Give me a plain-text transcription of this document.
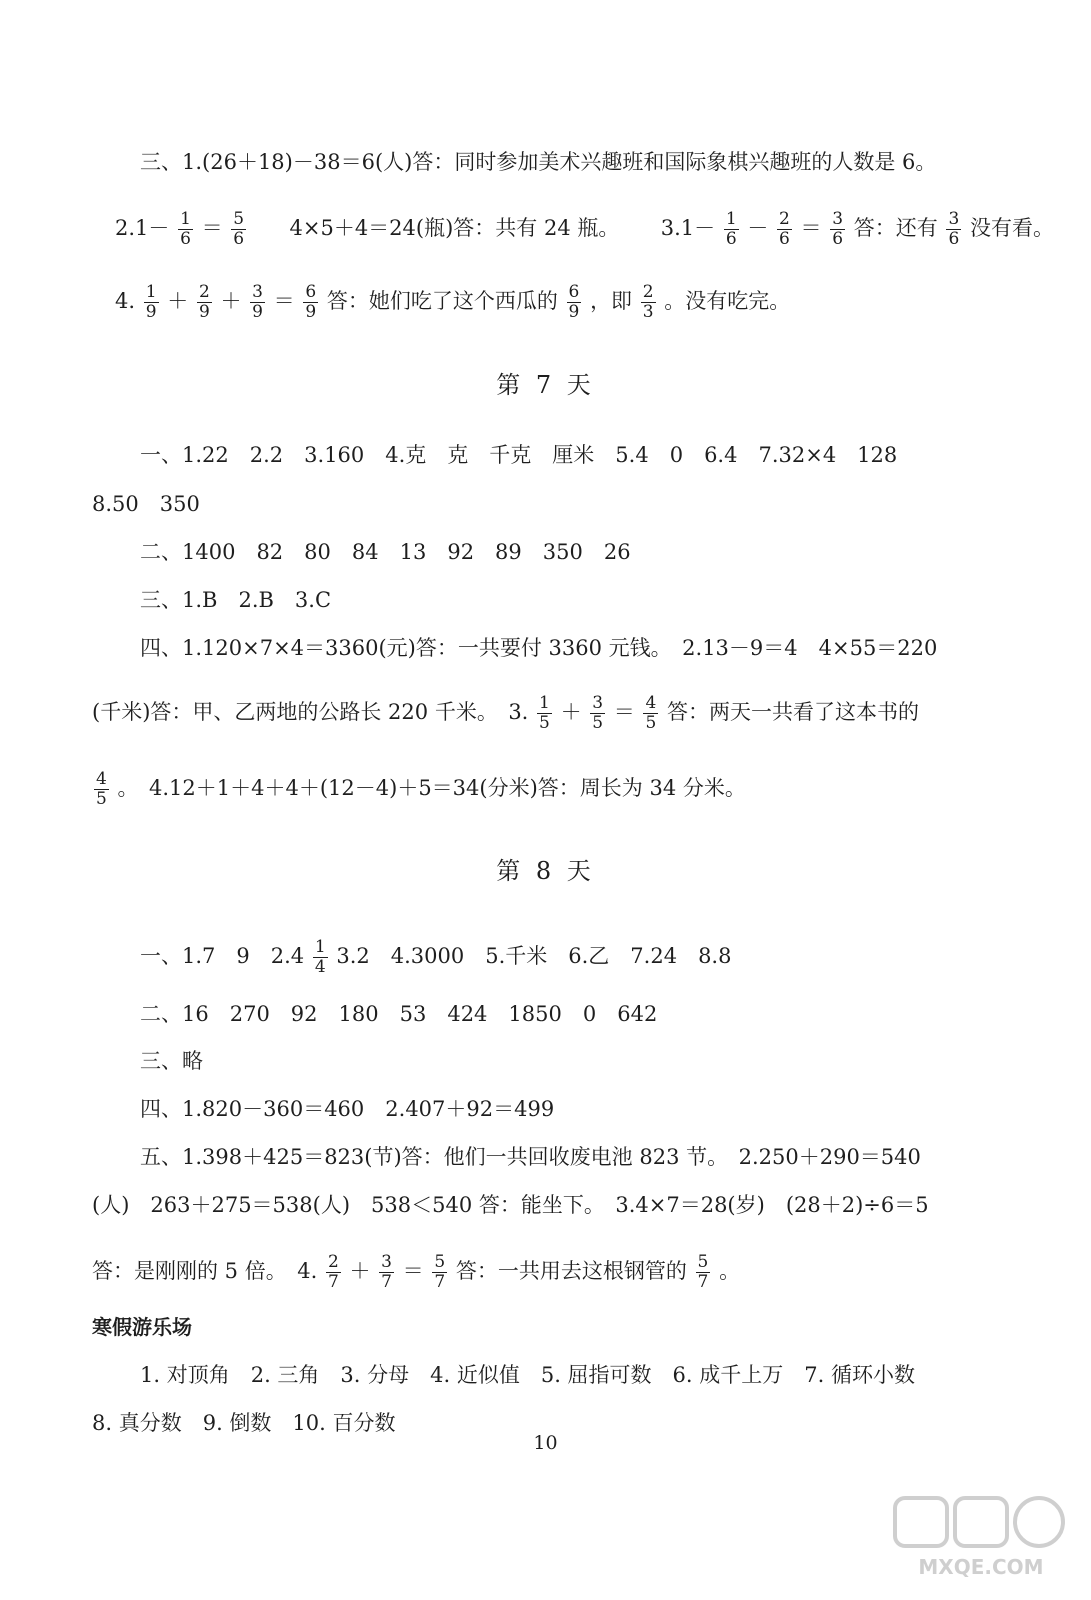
三、1.(26＋18)－38＝6(人)答：同时参加美术兴趣班和国际象棋兴趣班的人数是 6。
$2.1- \frac{1}{6} = \frac{5}{6} 4\times 5+4=24$(瓶)答：共有 24 瓶。 $3.1- \frac{1}{6} - \frac{2}{6} = \frac{3}{6}$ 答：还有 $\frac{3}{6}$ 没有看。
4. $\frac{1}{9} + \frac{2}{9} + \frac{3}{9} = \frac{6}{9}$ 答：她们吃了这个西瓜的 $\frac{6}{9}$ ，即 $\frac{2}{3}$ 。没有吃完。
第 7 天
一、1.22　2.2　3.160　4.克　克　千克　厘米　5.4　0　6.4　7.32×4　128
8.50　350
二、1400　82　80　84　13　92　89　350　26
三、1.B　2.B　3.C
四、1.120×7×4＝3360(元)答：一共要付 3360 元钱。　2.13－9＝4　4×55＝220
(千米)答：甲、乙两地的公路长 220 千米。　3. $\frac{1}{5} + \frac{3}{5} = \frac{4}{5}$ 答：两天一共看了这本书的
$\frac{4}{5}$ 。　4.12＋1＋4＋4＋(12－4)＋5＝34(分米)答：周长为 34 分米。
第 8 天
一、1.7　9　$2.4 \frac{1}{4} 3.2$　4.3000　5.千米　6.乙　7.24　8.8
二、16　270　92　180　53　424　1850　0　642
三、略
四、1.820－360＝460　2.407＋92＝499
五、1.398＋425＝823(节)答：他们一共回收废电池 823 节。　2.250＋290＝540
(人)　263＋275＝538(人)　538＜540 答：能坐下。　3.4×7＝28(岁)　(28＋2)÷6＝5
答：是刚刚的 5 倍。　4. $\frac{2}{7} + \frac{3}{7} = \frac{5}{7}$ 答：一共用去这根钢管的 $\frac{5}{7}$ 。
寒假游乐场
1. 对顶角　2. 三角　3. 分母　4. 近似值　5. 屈指可数　6. 成千上万　7. 循环小数
8. 真分数　9. 倒数　10. 百分数
10
MXQE.COM
